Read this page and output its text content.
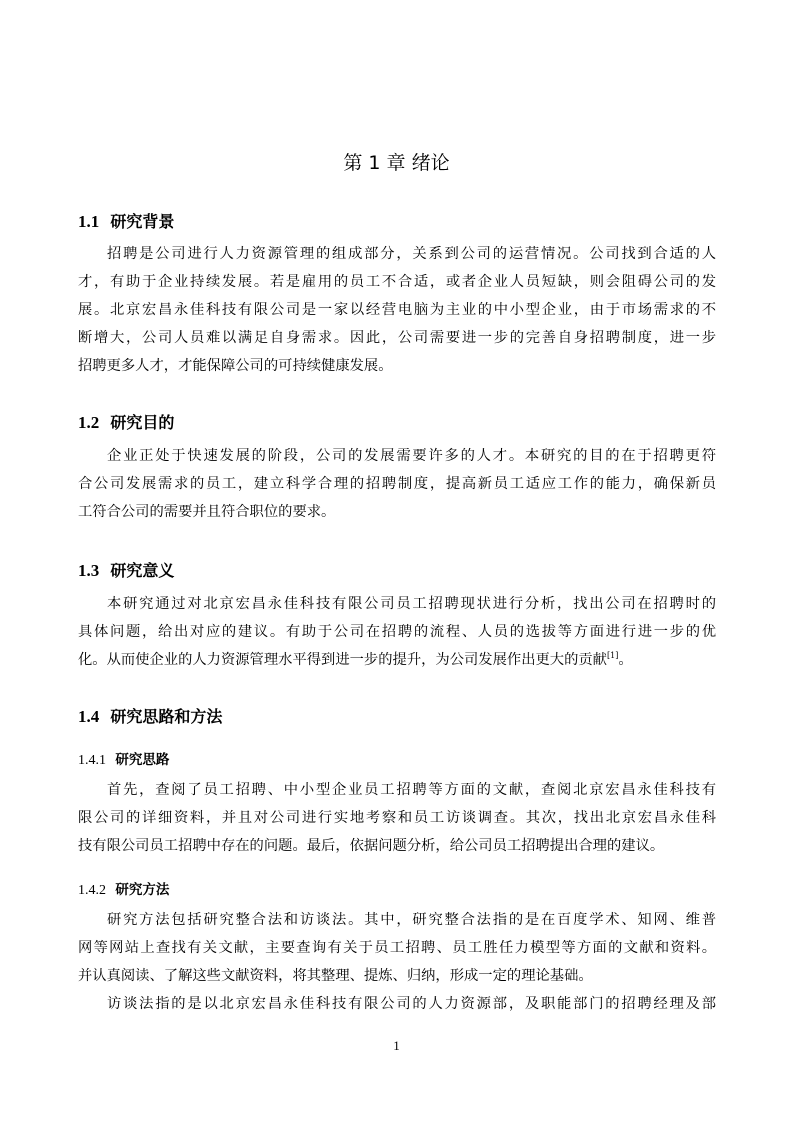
第 1 章 绪论
1.1 研究背景
招聘是公司进行人力资源管理的组成部分，关系到公司的运营情况。公司找到合适的人
才，有助于企业持续发展。若是雇用的员工不合适，或者企业人员短缺，则会阻碍公司的发
展。北京宏昌永佳科技有限公司是一家以经营电脑为主业的中小型企业，由于市场需求的不
断增大，公司人员难以满足自身需求。因此，公司需要进一步的完善自身招聘制度，进一步
招聘更多人才，才能保障公司的可持续健康发展。
1.2 研究目的
企业正处于快速发展的阶段，公司的发展需要许多的人才。本研究的目的在于招聘更符
合公司发展需求的员工，建立科学合理的招聘制度，提高新员工适应工作的能力，确保新员
工符合公司的需要并且符合职位的要求。
1.3 研究意义
本研究通过对北京宏昌永佳科技有限公司员工招聘现状进行分析，找出公司在招聘时的
具体问题，给出对应的建议。有助于公司在招聘的流程、人员的选拔等方面进行进一步的优
化。从而使企业的人力资源管理水平得到进一步的提升，为公司发展作出更大的贡献[1]。
1.4 研究思路和方法
1.4.1 研究思路
首先，查阅了员工招聘、中小型企业员工招聘等方面的文献，查阅北京宏昌永佳科技有
限公司的详细资料，并且对公司进行实地考察和员工访谈调查。其次，找出北京宏昌永佳科
技有限公司员工招聘中存在的问题。最后，依据问题分析，给公司员工招聘提出合理的建议。
1.4.2 研究方法
研究方法包括研究整合法和访谈法。其中，研究整合法指的是在百度学术、知网、维普
网等网站上查找有关文献，主要查询有关于员工招聘、员工胜任力模型等方面的文献和资料。
并认真阅读、了解这些文献资料，将其整理、提炼、归纳，形成一定的理论基础。
访谈法指的是以北京宏昌永佳科技有限公司的人力资源部，及职能部门的招聘经理及部
1
